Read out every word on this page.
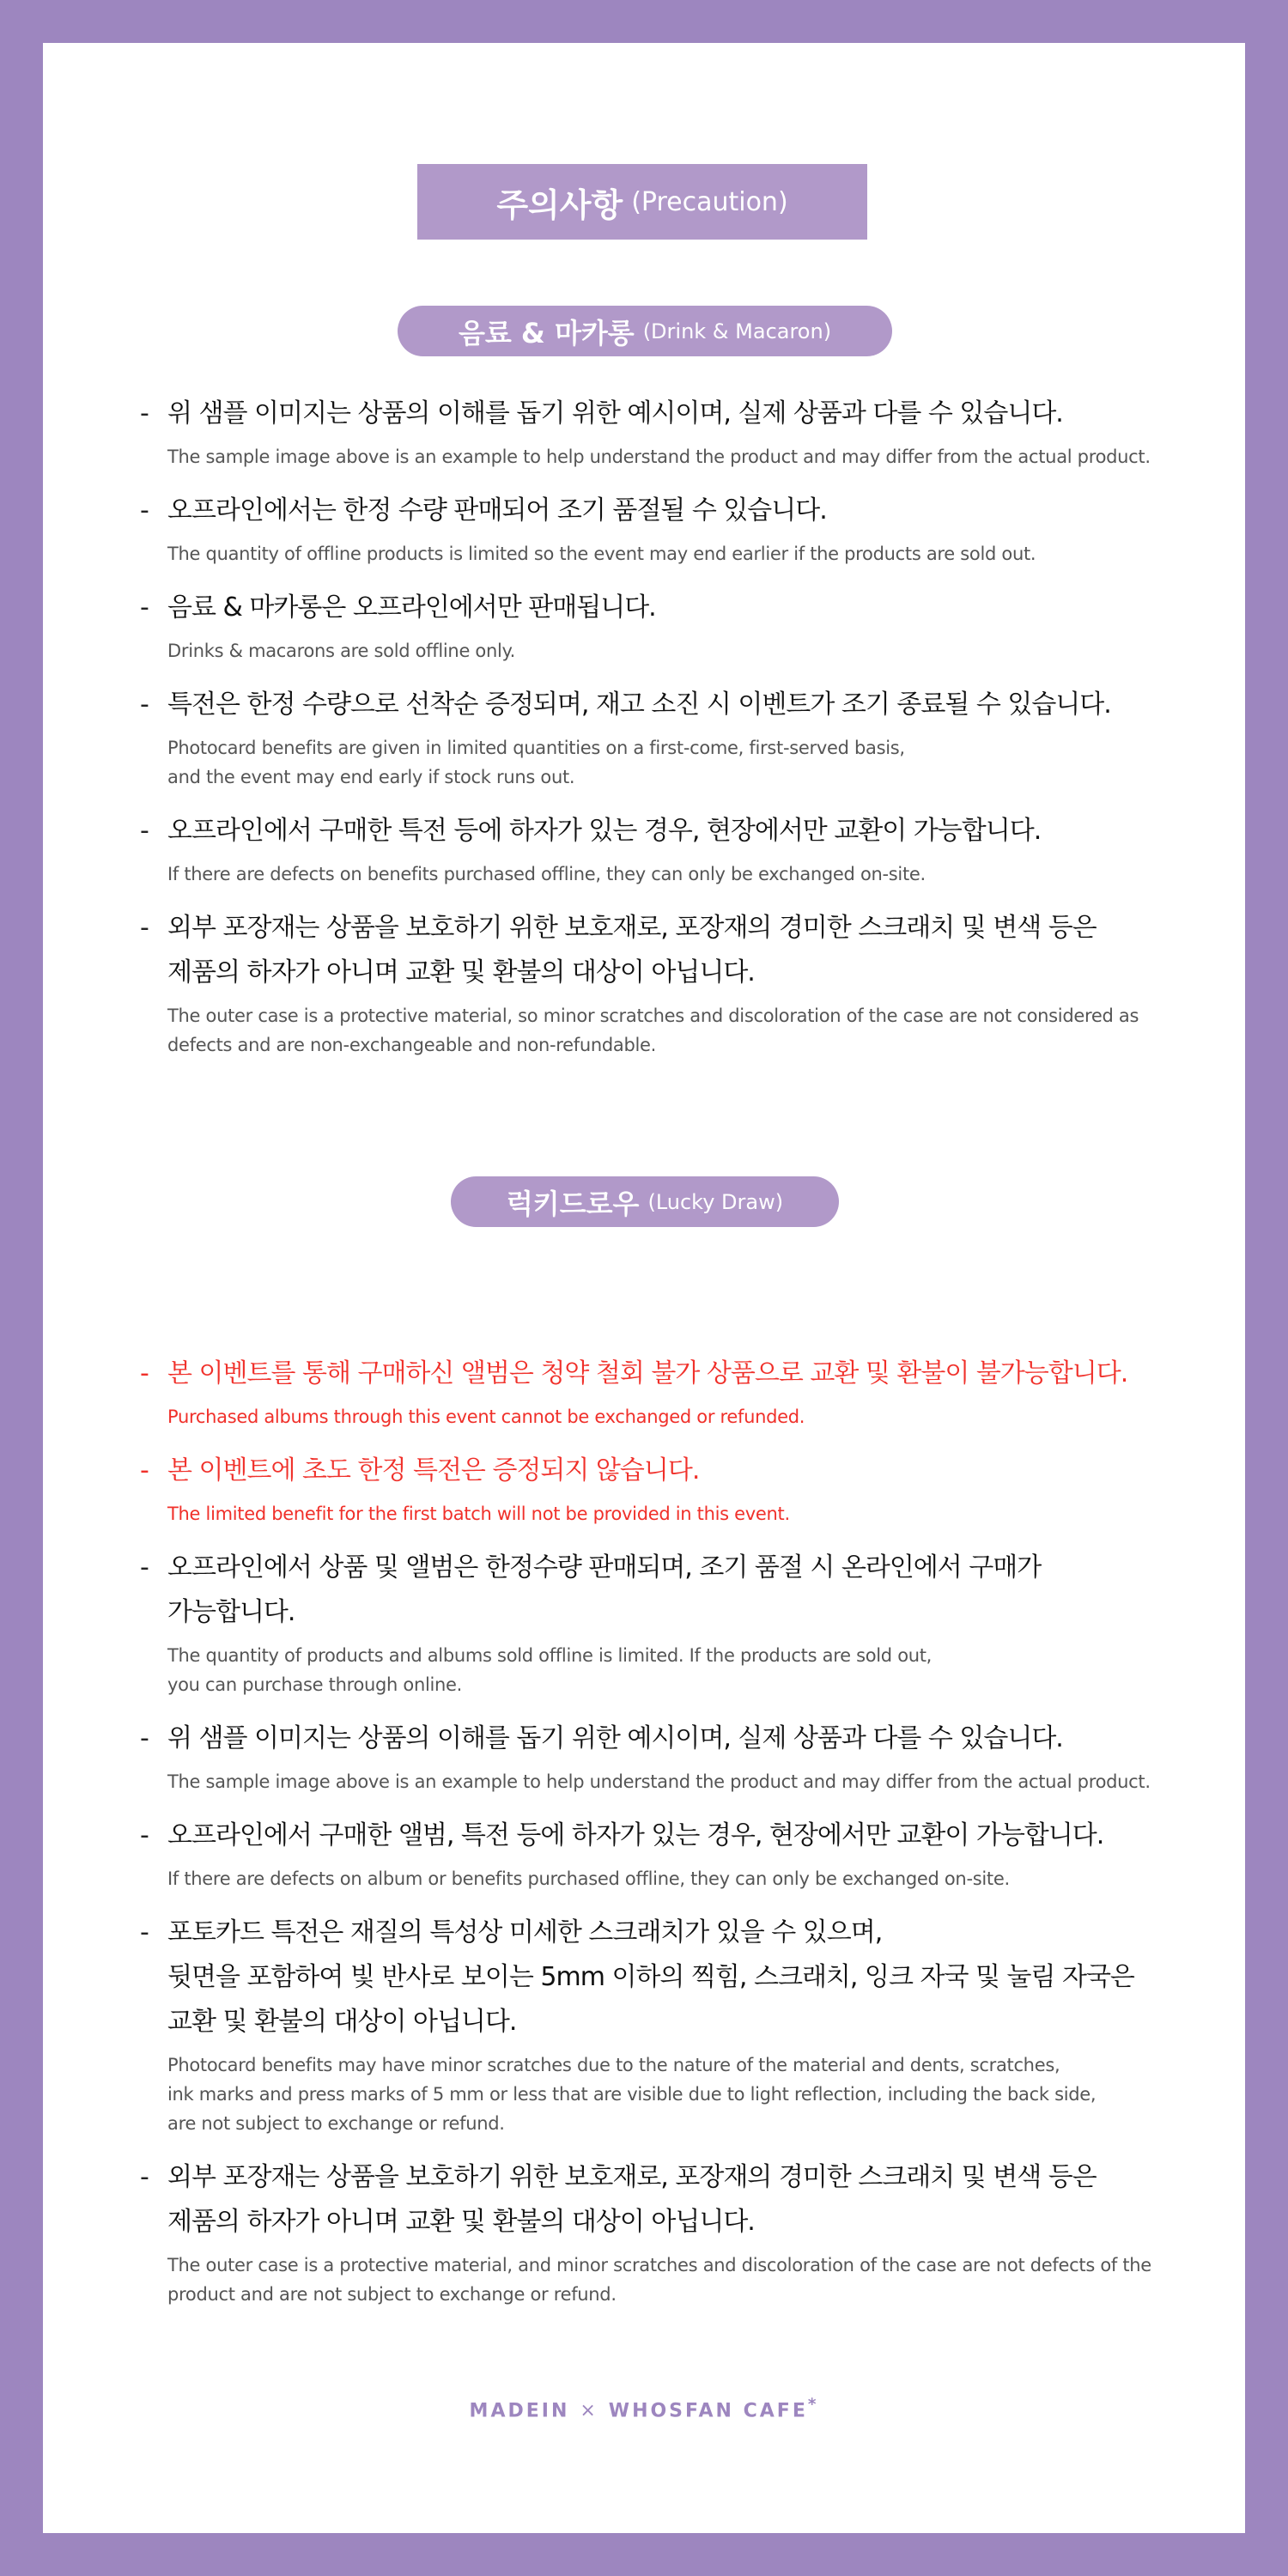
주의사항 (Precaution)
음료 & 마카롱 (Drink & Macaron)
- 위 샘플 이미지는 상품의 이해를 돕기 위한 예시이며, 실제 상품과 다를 수 있습니다.
The sample image above is an example to help understand the product and may differ from the actual product.
- 오프라인에서는 한정 수량 판매되어 조기 품절될 수 있습니다.
The quantity of offline products is limited so the event may end earlier if the products are sold out.
- 음료 & 마카롱은 오프라인에서만 판매됩니다.
Drinks & macarons are sold offline only.
- 특전은 한정 수량으로 선착순 증정되며, 재고 소진 시 이벤트가 조기 종료될 수 있습니다.
Photocard benefits are given in limited quantities on a first-come, first-served basis,
and the event may end early if stock runs out.
- 오프라인에서 구매한 특전 등에 하자가 있는 경우, 현장에서만 교환이 가능합니다.
If there are defects on benefits purchased offline, they can only be exchanged on-site.
- 외부 포장재는 상품을 보호하기 위한 보호재로, 포장재의 경미한 스크래치 및 변색 등은
제품의 하자가 아니며 교환 및 환불의 대상이 아닙니다.
The outer case is a protective material, so minor scratches and discoloration of the case are not considered as defects and are non-exchangeable and non-refundable.
럭키드로우 (Lucky Draw)
- 본 이벤트를 통해 구매하신 앨범은 청약 철회 불가 상품으로 교환 및 환불이 불가능합니다.
Purchased albums through this event cannot be exchanged or refunded.
- 본 이벤트에 초도 한정 특전은 증정되지 않습니다.
The limited benefit for the first batch will not be provided in this event.
- 오프라인에서 상품 및 앨범은 한정수량 판매되며, 조기 품절 시 온라인에서 구매가
가능합니다.
The quantity of products and albums sold offline is limited. If the products are sold out,
you can purchase through online.
- 위 샘플 이미지는 상품의 이해를 돕기 위한 예시이며, 실제 상품과 다를 수 있습니다.
The sample image above is an example to help understand the product and may differ from the actual product.
- 오프라인에서 구매한 앨범, 특전 등에 하자가 있는 경우, 현장에서만 교환이 가능합니다.
If there are defects on album or benefits purchased offline, they can only be exchanged on-site.
- 포토카드 특전은 재질의 특성상 미세한 스크래치가 있을 수 있으며,
뒷면을 포함하여 빛 반사로 보이는 5mm 이하의 찍힘, 스크래치, 잉크 자국 및 눌림 자국은
교환 및 환불의 대상이 아닙니다.
Photocard benefits may have minor scratches due to the nature of the material and dents, scratches,
ink marks and press marks of 5 mm or less that are visible due to light reflection, including the back side,
are not subject to exchange or refund.
- 외부 포장재는 상품을 보호하기 위한 보호재로, 포장재의 경미한 스크래치 및 변색 등은
제품의 하자가 아니며 교환 및 환불의 대상이 아닙니다.
The outer case is a protective material, and minor scratches and discoloration of the case are not defects of the product and are not subject to exchange or refund.
MADEIN × WHOSFAN CAFE*
